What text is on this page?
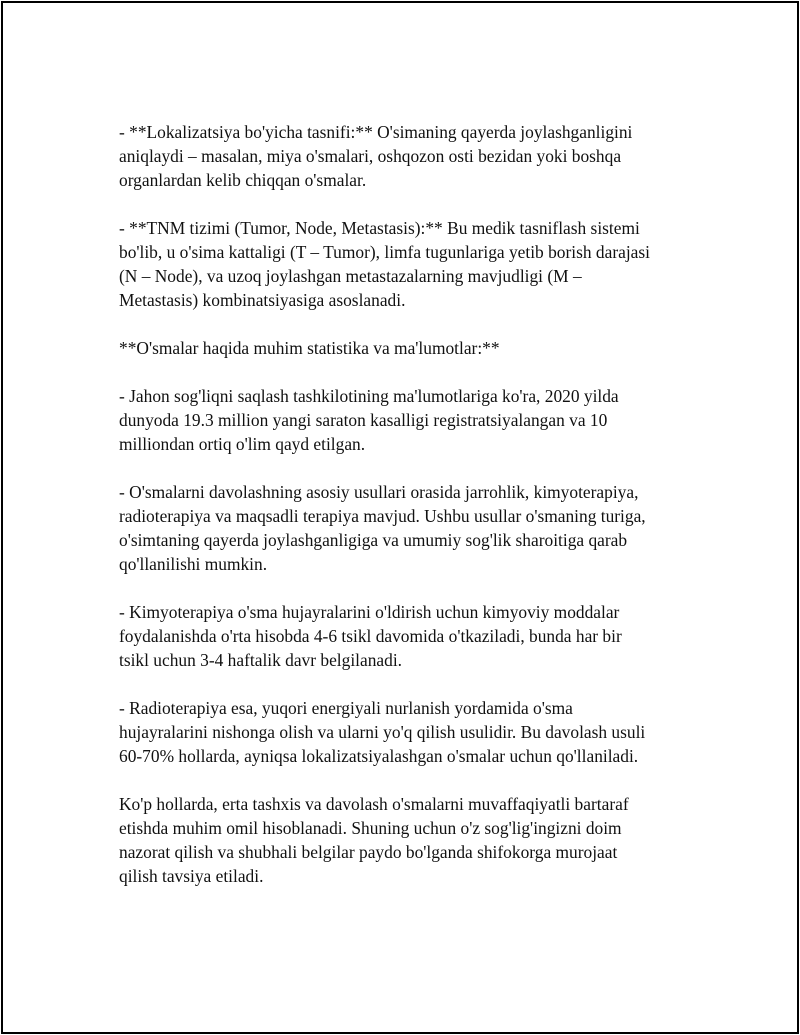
- **Lokalizatsiya bo'yicha tasnifi:** O'simaning qayerda joylashganligini
aniqlaydi – masalan, miya o'smalari, oshqozon osti bezidan yoki boshqa
organlardan kelib chiqqan o'smalar.

- **TNM tizimi (Tumor, Node, Metastasis):** Bu medik tasniflash sistemi
bo'lib, u o'sima kattaligi (T – Tumor), limfa tugunlariga yetib borish darajasi
(N – Node), va uzoq joylashgan metastazalarning mavjudligi (M –
Metastasis) kombinatsiyasiga asoslanadi.

**O'smalar haqida muhim statistika va ma'lumotlar:**

- Jahon sog'liqni saqlash tashkilotining ma'lumotlariga ko'ra, 2020 yilda
dunyoda 19.3 million yangi saraton kasalligi registratsiyalangan va 10
milliondan ortiq o'lim qayd etilgan.

- O'smalarni davolashning asosiy usullari orasida jarrohlik, kimyoterapiya,
radioterapiya va maqsadli terapiya mavjud. Ushbu usullar o'smaning turiga,
o'simtaning qayerda joylashganligiga va umumiy sog'lik sharoitiga qarab
qo'llanilishi mumkin.

- Kimyoterapiya o'sma hujayralarini o'ldirish uchun kimyoviy moddalar
foydalanishda o'rta hisobda 4-6 tsikl davomida o'tkaziladi, bunda har bir
tsikl uchun 3-4 haftalik davr belgilanadi.

- Radioterapiya esa, yuqori energiyali nurlanish yordamida o'sma
hujayralarini nishonga olish va ularni yo'q qilish usulidir. Bu davolash usuli
60-70% hollarda, ayniqsa lokalizatsiyalashgan o'smalar uchun qo'llaniladi.

Ko'p hollarda, erta tashxis va davolash o'smalarni muvaffaqiyatli bartaraf
etishda muhim omil hisoblanadi. Shuning uchun o'z sog'lig'ingizni doim
nazorat qilish va shubhali belgilar paydo bo'lganda shifokorga murojaat
qilish tavsiya etiladi.
